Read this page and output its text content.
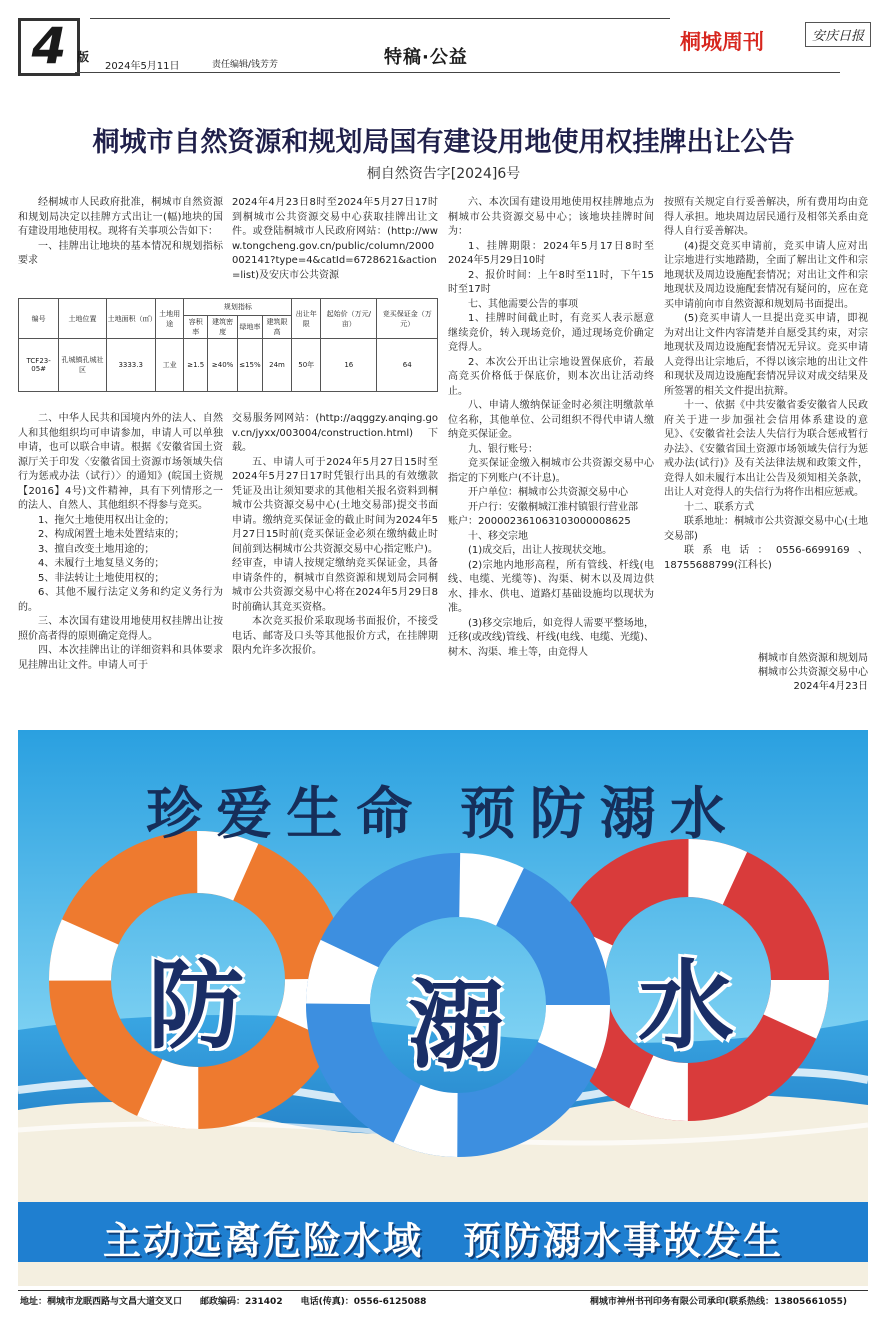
4 版
2024年5月11日	责任编辑/钱芳芳	特稿·公益
桐城周刊	安庆日报
桐城市自然资源和规划局国有建设用地使用权挂牌出让公告
桐自然资告字[2024]6号

经桐城市人民政府批准，桐城市自然资源和规划局决定以挂牌方式出让一(幅)地块的国有建设用地使用权。现将有关事项公告如下：

一、挂牌出让地块的基本情况和规划指标要求

2024年4月23日8时至2024年5月27日17时到桐城市公共资源交易中心获取挂牌出让文件。或登陆桐城市人民政府网站：(http://www.tongcheng.gov.cn/public/column/2000002141?type=4&catId=6728621&action=list)及安庆市公共资源

编号	土地位置	土地面积（㎡）	土地用途	规划指标				出让年限	起始价（万元/亩）	竞买保证金（万元）
				容积率	建筑密度	绿地率	建筑限高			
TCF23-05#	孔城镇孔城社区	3333.3	工业	≥1.5	≥40%	≤15%	24m	50年	16	64

二、中华人民共和国境内外的法人、自然人和其他组织均可申请参加，申请人可以单独申请，也可以联合申请。根据《安徽省国土资源厅关于印发〈安徽省国土资源市场领域失信行为惩戒办法（试行）〉的通知》(皖国土资规【2016】4号)文件精神，具有下列情形之一的法人、自然人、其他组织不得参与竞买。

1、拖欠土地使用权出让金的；

2、构成闲置土地未处置结束的；

3、擅自改变土地用途的；

4、未履行土地复垦义务的；

5、非法转让土地使用权的；

6、其他不履行法定义务和约定义务行为的。

三、本次国有建设用地使用权挂牌出让按照价高者得的原则确定竞得人。

四、本次挂牌出让的详细资料和具体要求见挂牌出让文件。申请人可于

交易服务网网站：(http://aqggzy.anqing.gov.cn/jyxx/003004/construction.html)下载。

五、申请人可于2024年5月27日15时至2024年5月27日17时凭银行出具的有效缴款凭证及出让须知要求的其他相关报名资料到桐城市公共资源交易中心(土地交易部)提交书面申请。缴纳竞买保证金的截止时间为2024年5月27日15时前(竞买保证金必须在缴纳截止时间前到达桐城市公共资源交易中心指定账户)。经审查，申请人按规定缴纳竞买保证金，具备申请条件的，桐城市自然资源和规划局会同桐城市公共资源交易中心将在2024年5月29日8时前确认其竞买资格。

本次竞买报价采取现场书面报价，不接受电话、邮寄及口头等其他报价方式，在挂牌期限内允许多次报价。

六、本次国有建设用地使用权挂牌地点为桐城市公共资源交易中心；该地块挂牌时间为：

1、挂牌期限：2024年5月17日8时至2024年5月29日10时

2、报价时间：上午8时至11时，下午15时至17时

七、其他需要公告的事项

1、挂牌时间截止时，有竞买人表示愿意继续竞价，转入现场竞价，通过现场竞价确定竞得人。

2、本次公开出让宗地设置保底价，若最高竞买价格低于保底价，则本次出让活动终止。

八、申请人缴纳保证金时必须注明缴款单位名称，其他单位、公司组织不得代申请人缴纳竞买保证金。

九、银行账号：

竞买保证金缴入桐城市公共资源交易中心指定的下列账户(不计息)。

开户单位：桐城市公共资源交易中心

开户行：安徽桐城江淮村镇银行营业部

账户：200002361063103000008625

十、移交宗地

(1)成交后，出让人按现状交地。

(2)宗地内地形高程，所有管线、杆线(电线、电缆、光缆等)、沟渠、树木以及周边供水、排水、供电、道路灯基础设施均以现状为准。

(3)移交宗地后，如竞得人需要平整场地，迁移(或改线)管线、杆线(电线、电缆、光缆)、树木、沟渠、堆土等，由竞得人

按照有关规定自行妥善解决，所有费用均由竞得人承担。地块周边居民通行及相邻关系由竞得人自行妥善解决。

(4)提交竞买申请前，竞买申请人应对出让宗地进行实地踏勘，全面了解出让文件和宗地现状及周边设施配套情况；对出让文件和宗地现状及周边设施配套情况有疑问的，应在竞买申请前向市自然资源和规划局书面提出。

(5)竞买申请人一旦提出竞买申请，即视为对出让文件内容清楚并自愿受其约束，对宗地现状及周边设施配套情况无异议。竞买申请人竞得出让宗地后，不得以该宗地的出让文件和现状及周边设施配套情况异议对成交结果及所签署的相关文件提出抗辩。

十一、依据《中共安徽省委安徽省人民政府关于进一步加强社会信用体系建设的意见》、《安徽省社会法人失信行为联合惩戒暂行办法》、《安徽省国土资源市场领域失信行为惩戒办法(试行)》及有关法律法规和政策文件，竞得人如未履行本出让公告及须知相关条款，出让人对竞得人的失信行为将作出相应惩戒。

十二、联系方式

联系地址：桐城市公共资源交易中心(土地交易部)

联系电话：0556-6699169、18755688799(江科长)

桐城市自然资源和规划局
桐城市公共资源交易中心
2024年4月23日
珍爱生命 预防溺水
防 溺 水
主动远离危险水域　预防溺水事故发生
地址：桐城市龙眠西路与文昌大道交叉口　　邮政编码：231402　　电话(传真)：0556-6125088	桐城市神州书刊印务有限公司承印(联系热线：13805661055)
